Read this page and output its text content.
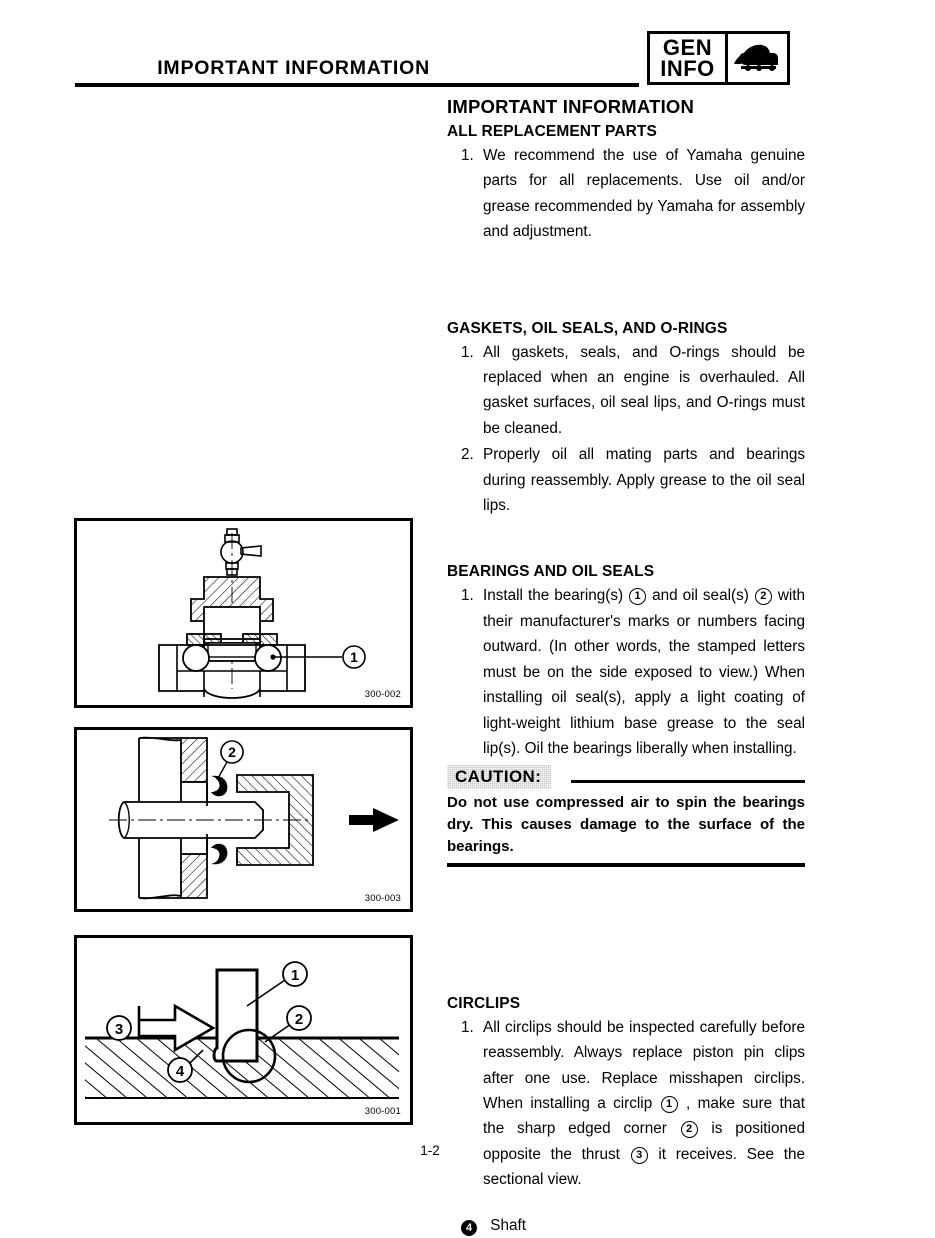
IMPORTANT INFORMATION
GEN
INFO
1
300-002
2
300-003
1
2
3
4
300-001
IMPORTANT INFORMATION
ALL REPLACEMENT PARTS
1. We recommend the use of Yamaha genuine parts for all replacements. Use oil and/or grease recommended by Yamaha for assembly and adjustment.
GASKETS, OIL SEALS, AND O-RINGS
1. All gaskets, seals, and O-rings should be replaced when an engine is overhauled. All gasket surfaces, oil seal lips, and O-rings must be cleaned.
2. Properly oil all mating parts and bearings during reassembly. Apply grease to the oil seal lips.
BEARINGS AND OIL SEALS
1. Install the bearing(s) 1 and oil seal(s) 2 with their manufacturer's marks or numbers facing outward. (In other words, the stamped letters must be on the side exposed to view.) When installing oil seal(s), apply a light coating of light-weight lithium base grease to the seal lip(s). Oil the bearings liberally when installing.
CAUTION:
Do not use compressed air to spin the bearings dry. This causes damage to the surface of the bearings.
CIRCLIPS
1. All circlips should be inspected carefully before reassembly. Always replace piston pin clips after one use. Replace misshapen circlips. When installing a circlip 1 , make sure that the sharp edged corner 2 is positioned opposite the thrust 3 it receives. See the sectional view.
4 Shaft
1-2
